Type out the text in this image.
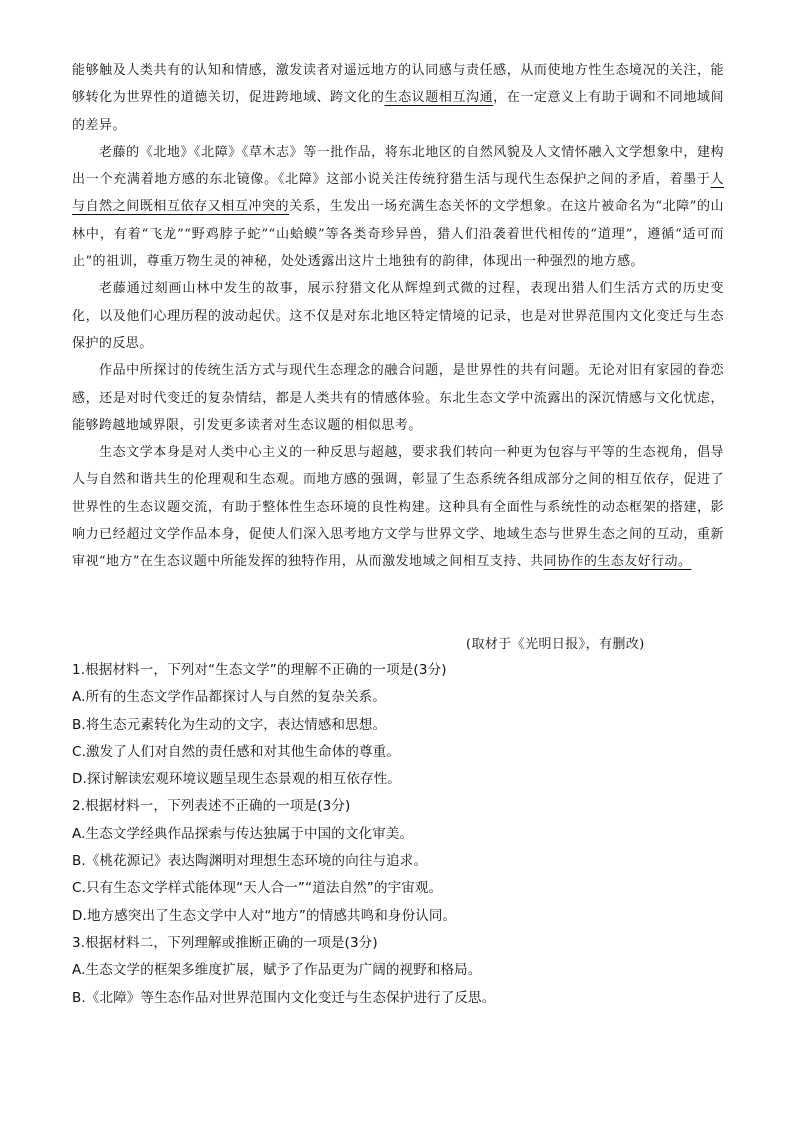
能够触及人类共有的认知和情感，激发读者对遥远地方的认同感与责任感，从而使地方性生态境况的关注，能够转化为世界性的道德关切，促进跨地域、跨文化的生态议题相互沟通，在一定意义上有助于调和不同地域间的差异。

老藤的《北地》《北障》《草木志》等一批作品，将东北地区的自然风貌及人文情怀融入文学想象中，建构出一个充满着地方感的东北镜像。《北障》这部小说关注传统狩猎生活与现代生态保护之间的矛盾，着墨于人与自然之间既相互依存又相互冲突的关系，生发出一场充满生态关怀的文学想象。在这片被命名为“北障”的山林中，有着“飞龙”“野鸡脖子蛇”“山蛤蟆”等各类奇珍异兽，猎人们沿袭着世代相传的“道理”，遵循“适可而止”的祖训，尊重万物生灵的神秘，处处透露出这片土地独有的韵律，体现出一种强烈的地方感。

老藤通过刻画山林中发生的故事，展示狩猎文化从辉煌到式微的过程，表现出猎人们生活方式的历史变化，以及他们心理历程的波动起伏。这不仅是对东北地区特定情境的记录，也是对世界范围内文化变迁与生态保护的反思。

作品中所探讨的传统生活方式与现代生态理念的融合问题，是世界性的共有问题。无论对旧有家园的眷恋感，还是对时代变迁的复杂情结，都是人类共有的情感体验。东北生态文学中流露出的深沉情感与文化忧虑，能够跨越地域界限，引发更多读者对生态议题的相似思考。

生态文学本身是对人类中心主义的一种反思与超越，要求我们转向一种更为包容与平等的生态视角，倡导人与自然和谐共生的伦理观和生态观。而地方感的强调，彰显了生态系统各组成部分之间的相互依存，促进了世界性的生态议题交流，有助于整体性生态环境的良性构建。这种具有全面性与系统性的动态框架的搭建，影响力已经超过文学作品本身，促使人们深入思考地方文学与世界文学、地域生态与世界生态之间的互动，重新审视“地方”在生态议题中所能发挥的独特作用，从而激发地域之间相互支持、共同协作的生态友好行动。

(取材于《光明日报》，有删改)
1.根据材料一，下列对“生态文学”的理解不正确的一项是(3分)
A.所有的生态文学作品都探讨人与自然的复杂关系。
B.将生态元素转化为生动的文字，表达情感和思想。
C.激发了人们对自然的责任感和对其他生命体的尊重。
D.探讨解读宏观环境议题呈现生态景观的相互依存性。
2.根据材料一，下列表述不正确的一项是(3分)
A.生态文学经典作品探索与传达独属于中国的文化审美。
B.《桃花源记》表达陶渊明对理想生态环境的向往与追求。
C.只有生态文学样式能体现“天人合一”“道法自然”的宇宙观。
D.地方感突出了生态文学中人对“地方”的情感共鸣和身份认同。
3.根据材料二，下列理解或推断正确的一项是(3分)
A.生态文学的框架多维度扩展，赋予了作品更为广阔的视野和格局。
B.《北障》等生态作品对世界范围内文化变迁与生态保护进行了反思。
